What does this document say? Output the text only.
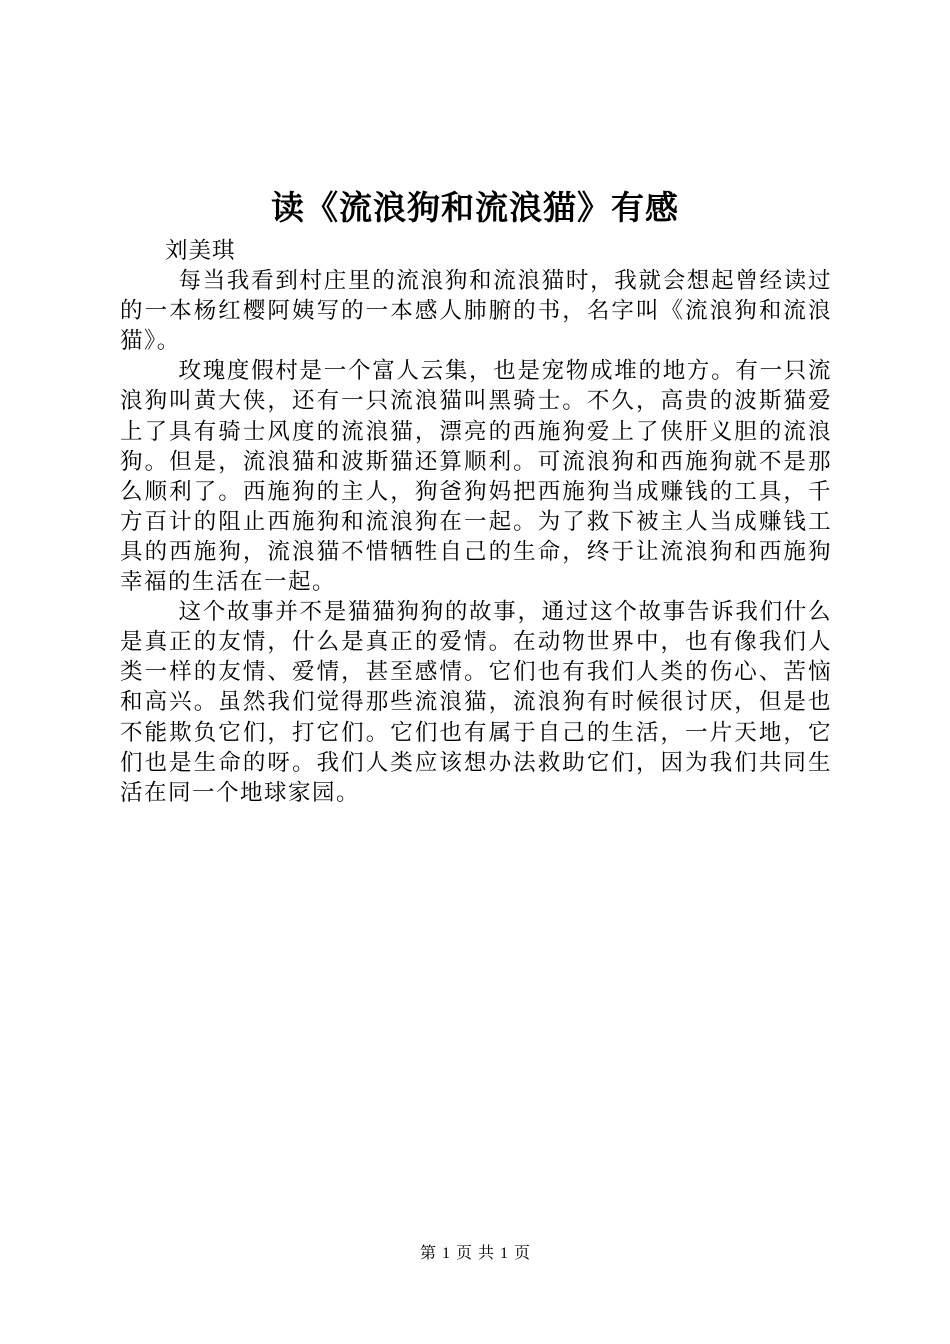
读《流浪狗和流浪猫》有感

刘美琪

每当我看到村庄里的流浪狗和流浪猫时，我就会想起曾经读过的一本杨红樱阿姨写的一本感人肺腑的书，名字叫《流浪狗和流浪猫》。

玫瑰度假村是一个富人云集，也是宠物成堆的地方。有一只流浪狗叫黄大侠，还有一只流浪猫叫黑骑士。不久，高贵的波斯猫爱上了具有骑士风度的流浪猫，漂亮的西施狗爱上了侠肝义胆的流浪狗。但是，流浪猫和波斯猫还算顺利。可流浪狗和西施狗就不是那么顺利了。西施狗的主人，狗爸狗妈把西施狗当成赚钱的工具，千方百计的阻止西施狗和流浪狗在一起。为了救下被主人当成赚钱工具的西施狗，流浪猫不惜牺牲自己的生命，终于让流浪狗和西施狗幸福的生活在一起。

这个故事并不是猫猫狗狗的故事，通过这个故事告诉我们什么是真正的友情，什么是真正的爱情。在动物世界中，也有像我们人类一样的友情、爱情，甚至感情。它们也有我们人类的伤心、苦恼和高兴。虽然我们觉得那些流浪猫，流浪狗有时候很讨厌，但是也不能欺负它们，打它们。它们也有属于自己的生活，一片天地，它们也是生命的呀。我们人类应该想办法救助它们，因为我们共同生活在同一个地球家园。

第 1 页 共 1 页
